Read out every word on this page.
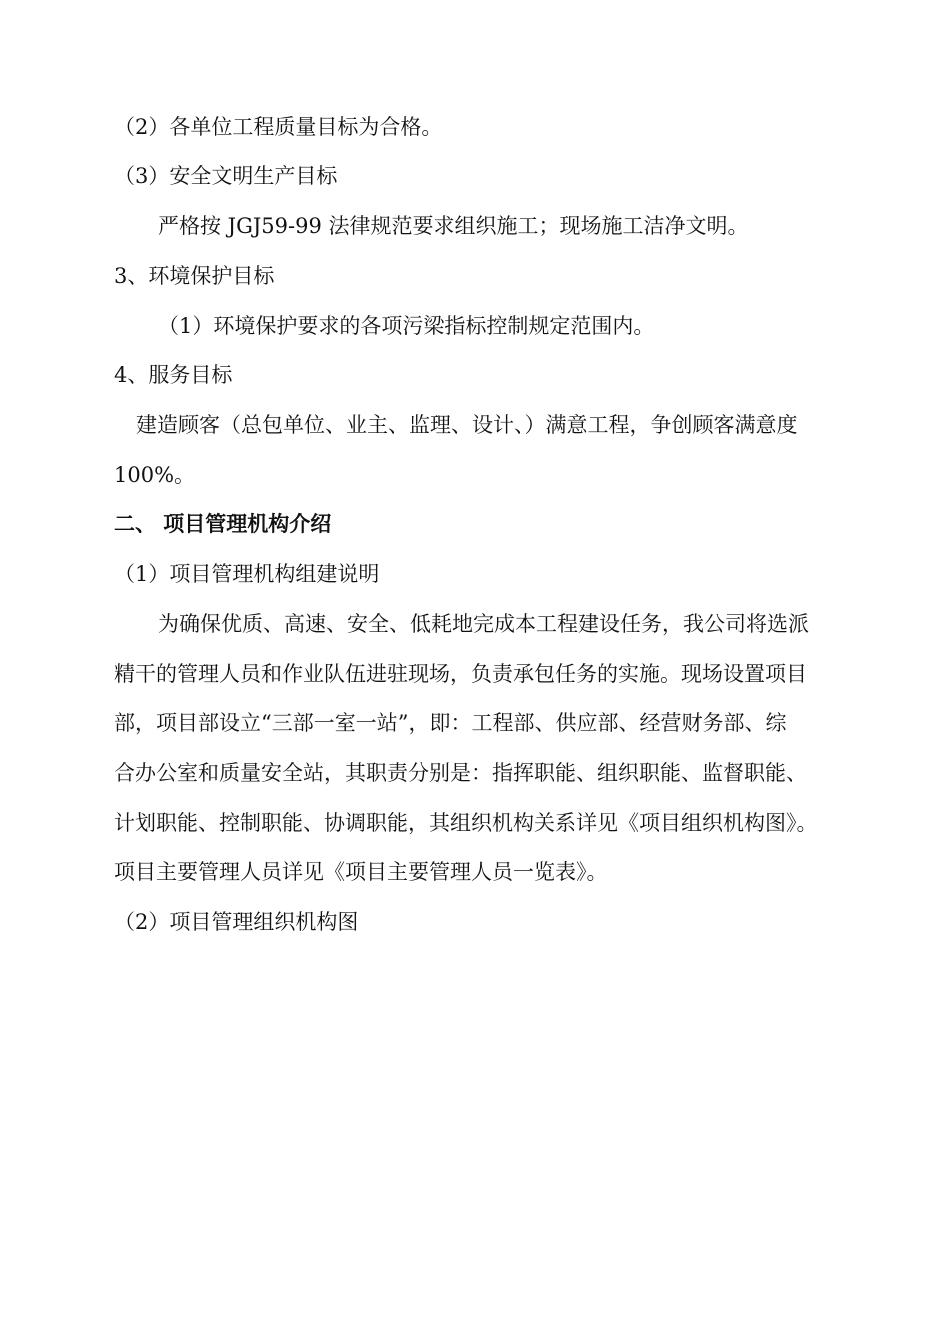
（2）各单位工程质量目标为合格。

（3）安全文明生产目标

严格按 JGJ59-99 法律规范要求组织施工；现场施工洁净文明。

3、环境保护目标

（1）环境保护要求的各项污梁指标控制规定范围内。

4、服务目标

建造顾客（总包单位、业主、监理、设计、）满意工程，争创顾客满意度

100%。

二、 项目管理机构介绍

（1）项目管理机构组建说明

为确保优质、高速、安全、低耗地完成本工程建设任务，我公司将选派

精干的管理人员和作业队伍进驻现场，负责承包任务的实施。现场设置项目

部，项目部设立“三部一室一站”，即：工程部、供应部、经营财务部、综

合办公室和质量安全站，其职责分别是：指挥职能、组织职能、监督职能、

计划职能、控制职能、协调职能，其组织机构关系详见《项目组织机构图》。

项目主要管理人员详见《项目主要管理人员一览表》。

（2）项目管理组织机构图
